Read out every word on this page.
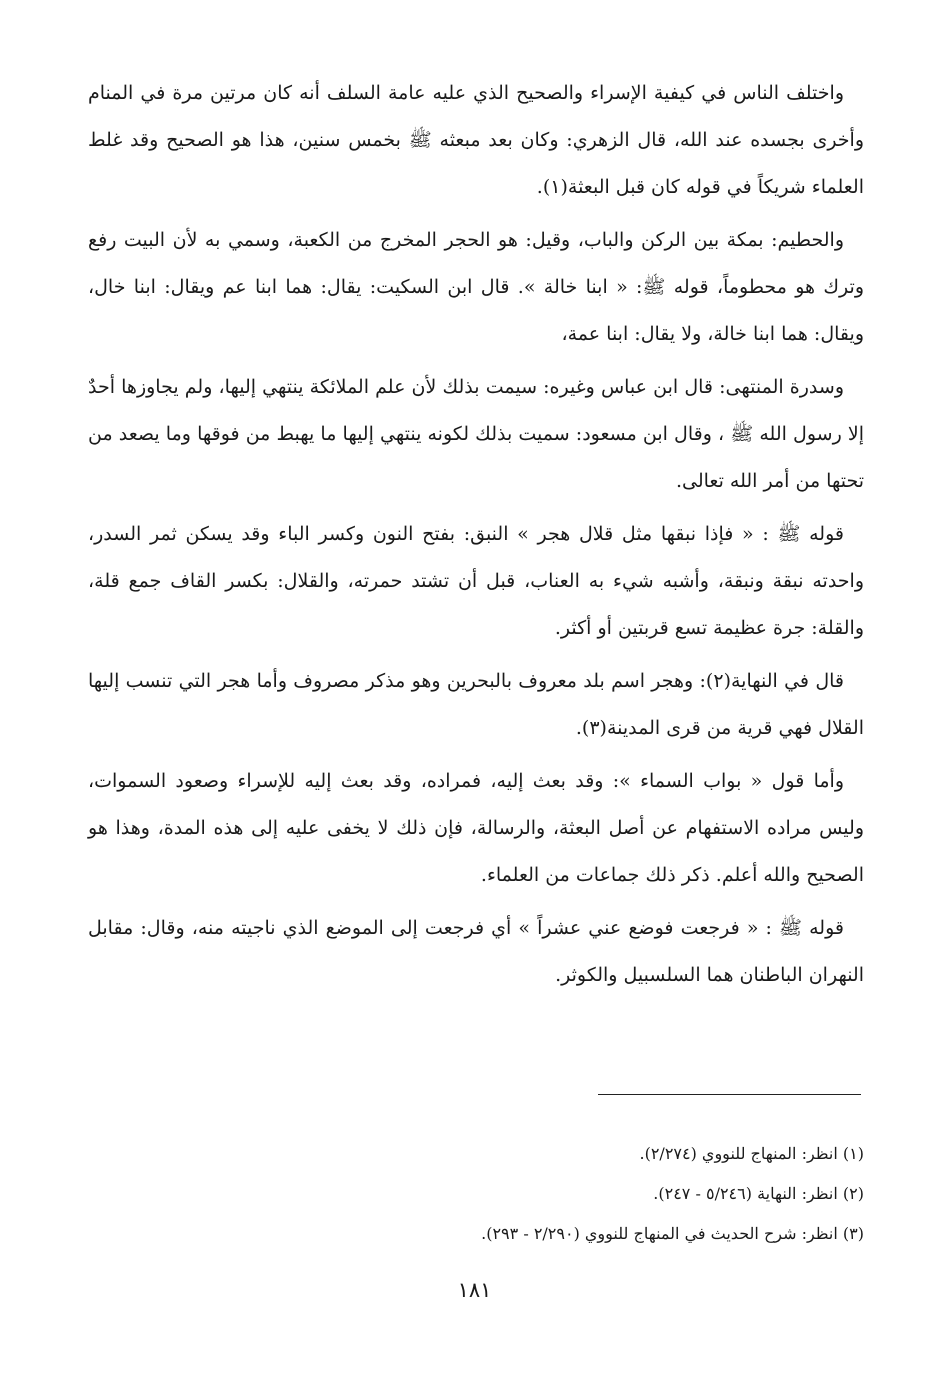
واختلف الناس في كيفية الإسراء والصحيح الذي عليه عامة السلف أنه كان مرتين مرة في المنام وأخرى بجسده عند الله، قال الزهري: وكان بعد مبعثه ﷺ بخمس سنين، هذا هو الصحيح وقد غلط العلماء شريكاً في قوله كان قبل البعثة(١).

والحطيم: بمكة بين الركن والباب، وقيل: هو الحجر المخرج من الكعبة، وسمي به لأن البيت رفع وترك هو محطوماً، قوله ﷺ: « ابنا خالة ». قال ابن السكيت: يقال: هما ابنا عم ويقال: ابنا خال، ويقال: هما ابنا خالة، ولا يقال: ابنا عمة،

وسدرة المنتهى: قال ابن عباس وغيره: سيمت بذلك لأن علم الملائكة ينتهي إليها، ولم يجاوزها أحدٌ إلا رسول الله ﷺ ، وقال ابن مسعود: سميت بذلك لكونه ينتهي إليها ما يهبط من فوقها وما يصعد من تحتها من أمر الله تعالى.

قوله ﷺ : « فإذا نبقها مثل قلال هجر » النبق: بفتح النون وكسر الباء وقد يسكن ثمر السدر، واحدته نبقة ونبقة، وأشبه شيء به العناب، قبل أن تشتد حمرته، والقلال: بكسر القاف جمع قلة، والقلة: جرة عظيمة تسع قربتين أو أكثر.

قال في النهاية(٢): وهجر اسم بلد معروف بالبحرين وهو مذكر مصروف وأما هجر التي تنسب إليها القلال فهي قرية من قرى المدينة(٣).

وأما قول « بواب السماء »: وقد بعث إليه، فمراده، وقد بعث إليه للإسراء وصعود السموات، وليس مراده الاستفهام عن أصل البعثة، والرسالة، فإن ذلك لا يخفى عليه إلى هذه المدة، وهذا هو الصحيح والله أعلم. ذكر ذلك جماعات من العلماء.

قوله ﷺ : « فرجعت فوضع عني عشراً » أي فرجعت إلى الموضع الذي ناجيته منه، وقال: مقابل النهران الباطنان هما السلسبيل والكوثر.

(١) انظر: المنهاج للنووي (٢/٢٧٤).

(٢) انظر: النهاية (٥/٢٤٦ - ٢٤٧).

(٣) انظر: شرح الحديث في المنهاج للنووي (٢/٢٩٠ - ٢٩٣).

١٨١
